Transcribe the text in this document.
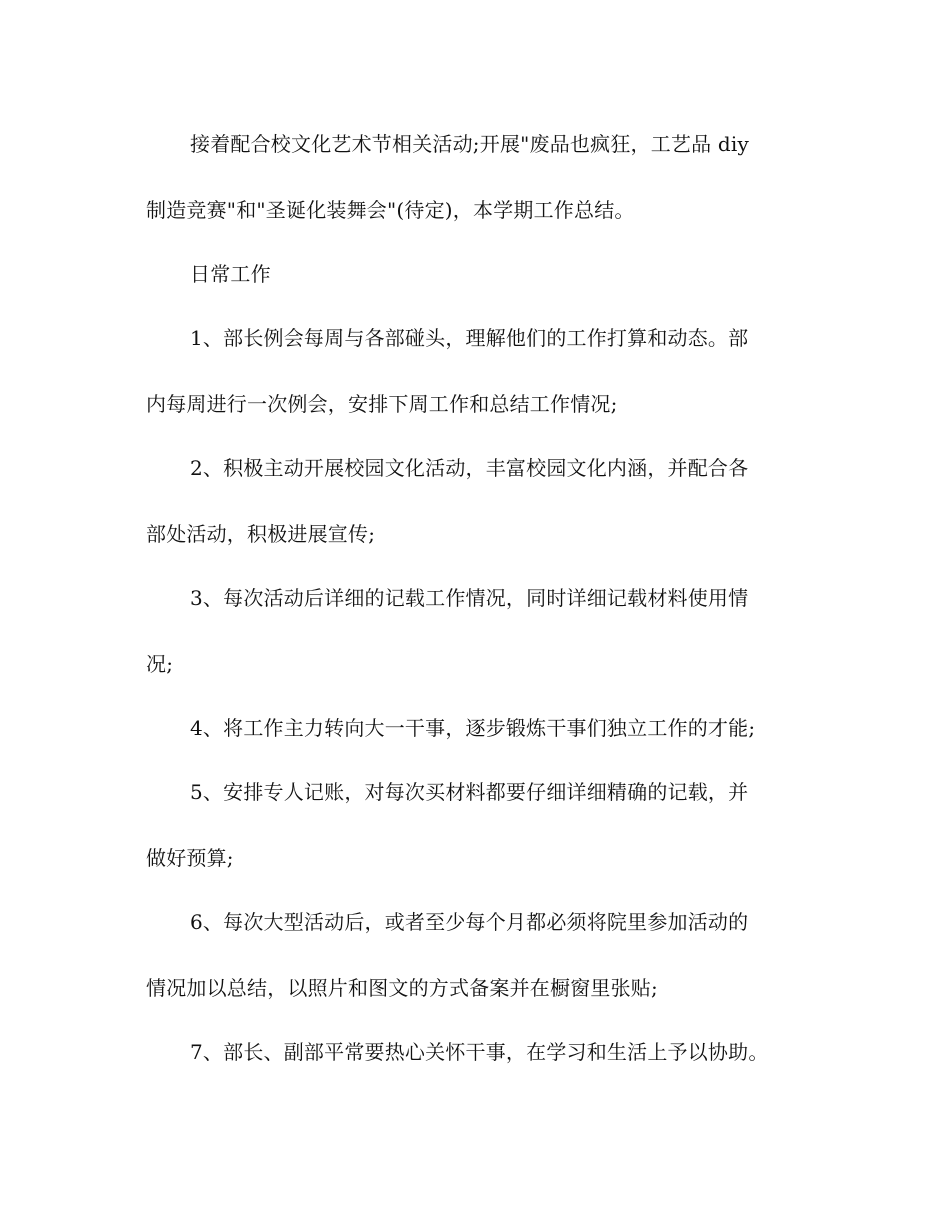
接着配合校文化艺术节相关活动;开展"废品也疯狂，工艺品 diy
制造竞赛"和"圣诞化装舞会"(待定)，本学期工作总结。
日常工作
1、部长例会每周与各部碰头，理解他们的工作打算和动态。部
内每周进行一次例会，安排下周工作和总结工作情况;
2、积极主动开展校园文化活动，丰富校园文化内涵，并配合各
部处活动，积极进展宣传;
3、每次活动后详细的记载工作情况，同时详细记载材料使用情
况;
4、将工作主力转向大一干事，逐步锻炼干事们独立工作的才能;
5、安排专人记账，对每次买材料都要仔细详细精确的记载，并
做好预算;
6、每次大型活动后，或者至少每个月都必须将院里参加活动的
情况加以总结，以照片和图文的方式备案并在橱窗里张贴;
7、部长、副部平常要热心关怀干事，在学习和生活上予以协助。
